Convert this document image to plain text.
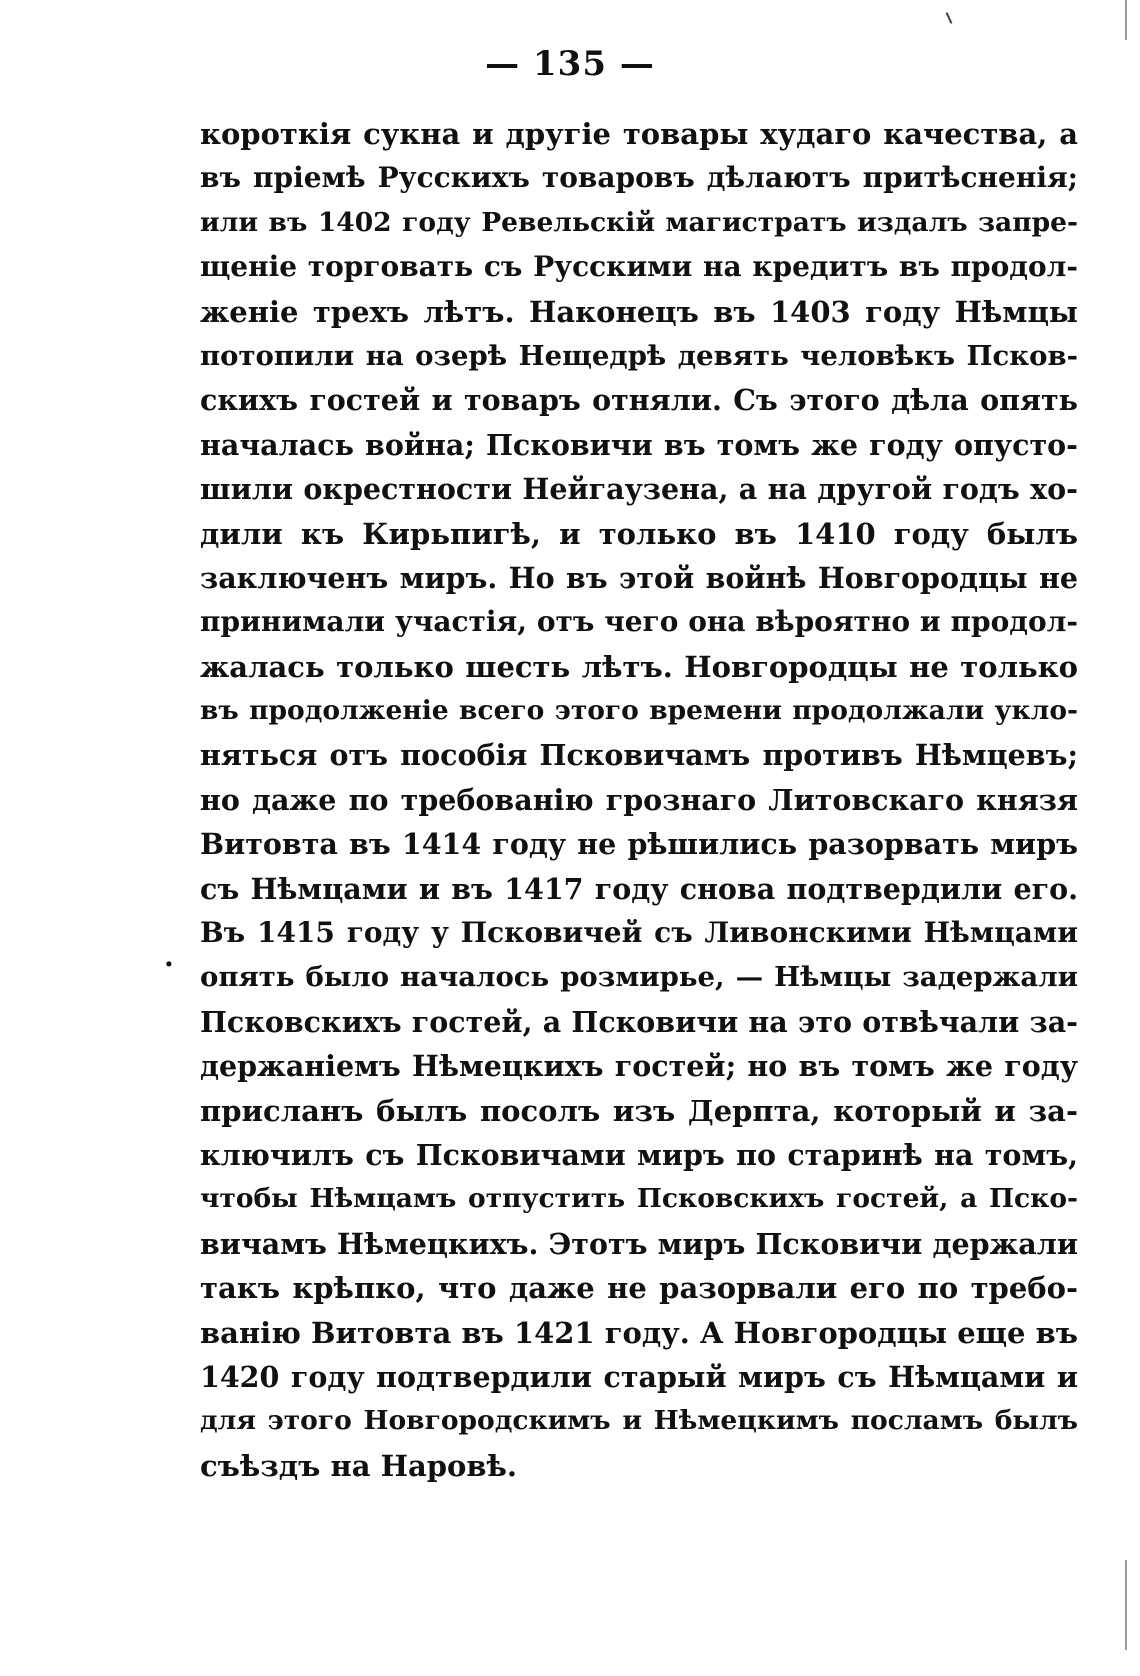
— 135 —
.
короткія сукна и другіе товары худаго качества, а
въ пріемѣ Русскихъ товаровъ дѣлаютъ притѣсненія;
или въ 1402 году Ревельскій магистратъ издалъ запре-
щеніе торговать съ Русскими на кредитъ въ продол-
женіе трехъ лѣтъ. Наконецъ въ 1403 году Нѣмцы
потопили на озерѣ Нещедрѣ девять человѣкъ Псков-
скихъ гостей и товаръ отняли. Съ этого дѣла опять
началась война; Псковичи въ томъ же году опусто-
шили окрестности Нейгаузена, а на другой годъ хо-
дили къ Кирьпигѣ, и только въ 1410 году былъ
заключенъ миръ. Но въ этой войнѣ Новгородцы не
принимали участія, отъ чего она вѣроятно и продол-
жалась только шесть лѣтъ. Новгородцы не только
въ продолженіе всего этого времени продолжали укло-
няться отъ пособія Псковичамъ противъ Нѣмцевъ;
но даже по требованію грознаго Литовскаго князя
Витовта въ 1414 году не рѣшились разорвать миръ
съ Нѣмцами и въ 1417 году снова подтвердили его.
Въ 1415 году у Псковичей съ Ливонскими Нѣмцами
опять было началось розмирье, — Нѣмцы задержали
Псковскихъ гостей, а Псковичи на это отвѣчали за-
держаніемъ Нѣмецкихъ гостей; но въ томъ же году
присланъ былъ посолъ изъ Дерпта, который и за-
ключилъ съ Псковичами миръ по старинѣ на томъ,
чтобы Нѣмцамъ отпустить Псковскихъ гостей, а Пско-
вичамъ Нѣмецкихъ. Этотъ миръ Псковичи держали
такъ крѣпко, что даже не разорвали его по требо-
ванію Витовта въ 1421 году. А Новгородцы еще въ
1420 году подтвердили старый миръ съ Нѣмцами и
для этого Новгородскимъ и Нѣмецкимъ посламъ былъ
съѣздъ на Наровѣ.
